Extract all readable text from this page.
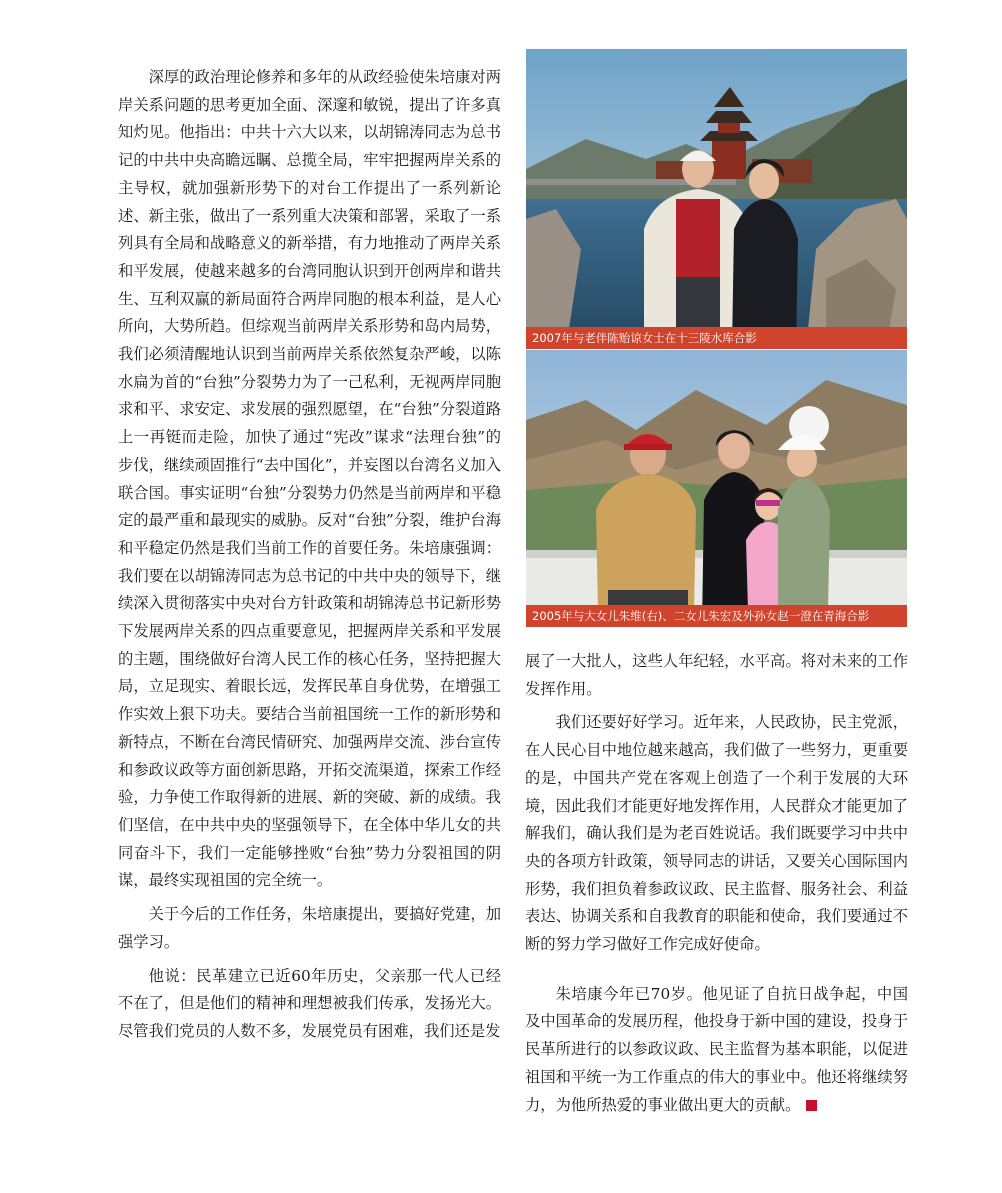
深厚的政治理论修养和多年的从政经验使朱培康对两岸关系问题的思考更加全面、深邃和敏锐，提出了许多真知灼见。他指出：中共十六大以来，以胡锦涛同志为总书记的中共中央高瞻远瞩、总揽全局，牢牢把握两岸关系的主导权，就加强新形势下的对台工作提出了一系列新论述、新主张，做出了一系列重大决策和部署，采取了一系列具有全局和战略意义的新举措，有力地推动了两岸关系和平发展，使越来越多的台湾同胞认识到开创两岸和谐共生、互利双赢的新局面符合两岸同胞的根本利益，是人心所向，大势所趋。但综观当前两岸关系形势和岛内局势，我们必须清醒地认识到当前两岸关系依然复杂严峻，以陈水扁为首的“台独”分裂势力为了一己私利，无视两岸同胞求和平、求安定、求发展的强烈愿望，在“台独”分裂道路上一再铤而走险，加快了通过“宪改”谋求“法理台独”的步伐，继续顽固推行“去中国化”，并妄图以台湾名义加入联合国。事实证明“台独”分裂势力仍然是当前两岸和平稳定的最严重和最现实的威胁。反对“台独”分裂，维护台海和平稳定仍然是我们当前工作的首要任务。朱培康强调：我们要在以胡锦涛同志为总书记的中共中央的领导下，继续深入贯彻落实中央对台方针政策和胡锦涛总书记新形势下发展两岸关系的四点重要意见，把握两岸关系和平发展的主题，围绕做好台湾人民工作的核心任务，坚持把握大局，立足现实、着眼长远，发挥民革自身优势，在增强工作实效上狠下功夫。要结合当前祖国统一工作的新形势和新特点，不断在台湾民情研究、加强两岸交流、涉台宣传和参政议政等方面创新思路，开拓交流渠道，探索工作经验，力争使工作取得新的进展、新的突破、新的成绩。我们坚信，在中共中央的坚强领导下，在全体中华儿女的共同奋斗下，我们一定能够挫败“台独”势力分裂祖国的阴谋，最终实现祖国的完全统一。

关于今后的工作任务，朱培康提出，要搞好党建，加强学习。

他说：民革建立已近60年历史，父亲那一代人已经不在了，但是他们的精神和理想被我们传承，发扬光大。尽管我们党员的人数不多，发展党员有困难，我们还是发

2007年与老伴陈贻谅女士在十三陵水库合影
2005年与大女儿朱维(右)、二女儿朱宏及外孙女赵一澄在青海合影

展了一大批人，这些人年纪轻，水平高。将对未来的工作发挥作用。

我们还要好好学习。近年来，人民政协，民主党派，在人民心目中地位越来越高，我们做了一些努力，更重要的是，中国共产党在客观上创造了一个利于发展的大环境，因此我们才能更好地发挥作用，人民群众才能更加了解我们，确认我们是为老百姓说话。我们既要学习中共中央的各项方针政策，领导同志的讲话，又要关心国际国内形势，我们担负着参政议政、民主监督、服务社会、利益表达、协调关系和自我教育的职能和使命，我们要通过不断的努力学习做好工作完成好使命。

朱培康今年已70岁。他见证了自抗日战争起，中国及中国革命的发展历程，他投身于新中国的建设，投身于民革所进行的以参政议政、民主监督为基本职能，以促进祖国和平统一为工作重点的伟大的事业中。他还将继续努力，为他所热爱的事业做出更大的贡献。
